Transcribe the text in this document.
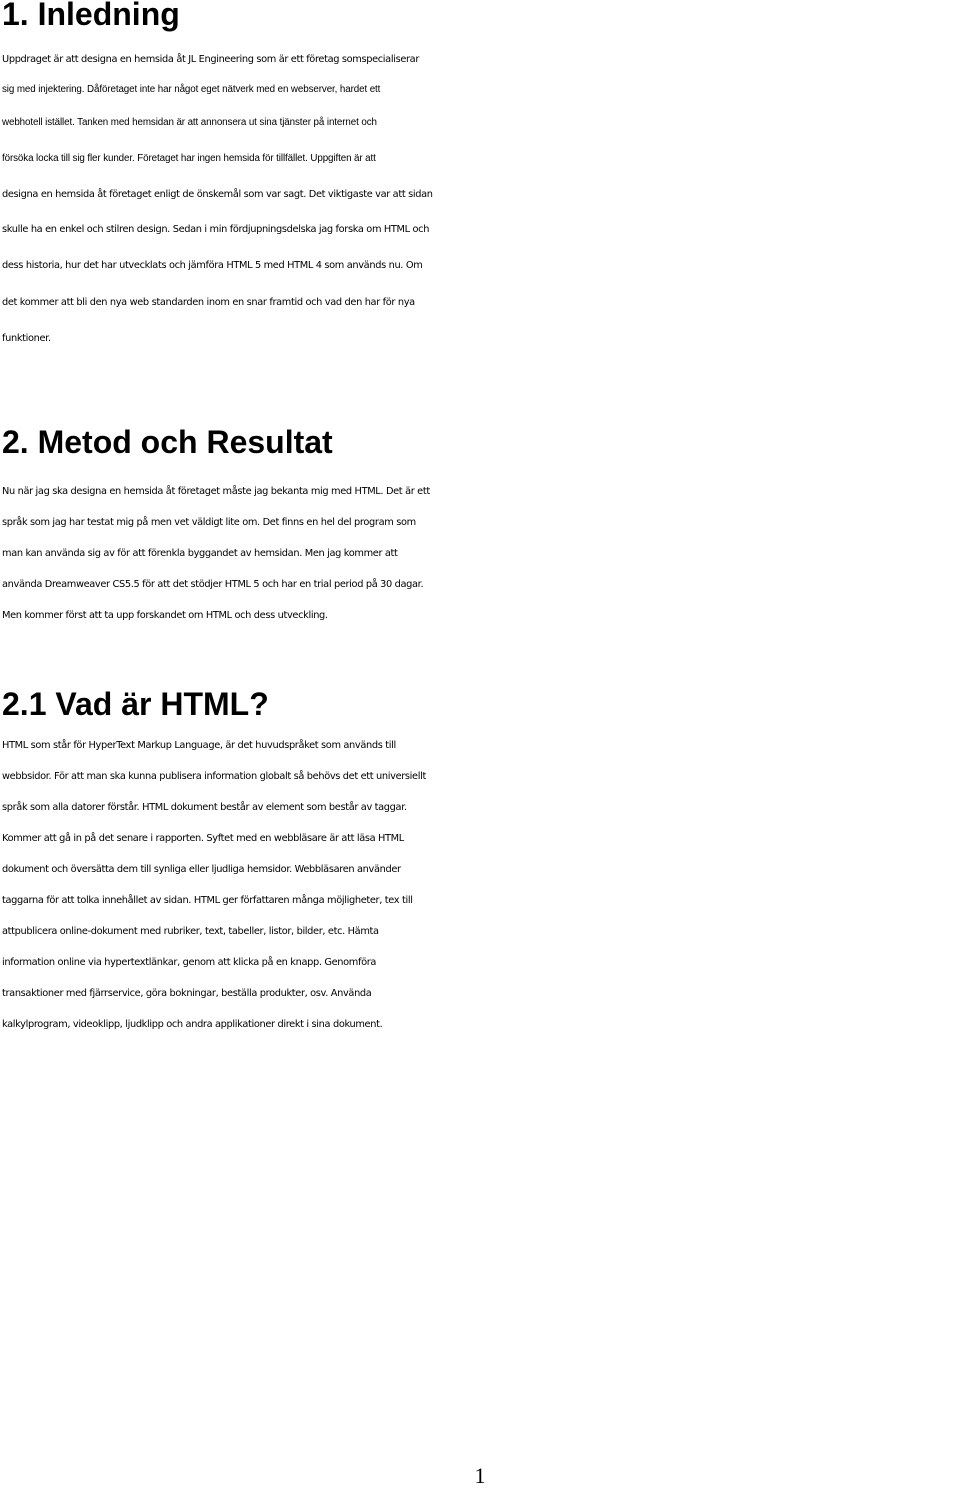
1. Inledning
Uppdraget är att designa en hemsida åt JL Engineering som är ett företag somspecialiserar
sig med injektering. Dåföretaget inte har något eget nätverk med en webserver, hardet ett
webhotell istället. Tanken med hemsidan är att annonsera ut sina tjänster på internet och
försöka locka till sig fler kunder. Företaget har ingen hemsida för tillfället. Uppgiften är att
designa en hemsida åt företaget enligt de önskemål som var sagt. Det viktigaste var att sidan
skulle ha en enkel och stilren design. Sedan i min fördjupningsdelska jag forska om HTML och
dess historia, hur det har utvecklats och jämföra HTML 5 med HTML 4 som används nu. Om
det kommer att bli den nya web standarden inom en snar framtid och vad den har för nya
funktioner.
2. Metod och Resultat
Nu när jag ska designa en hemsida åt företaget måste jag bekanta mig med HTML. Det är ett
språk som jag har testat mig på men vet väldigt lite om. Det finns en hel del program som
man kan använda sig av för att förenkla byggandet av hemsidan. Men jag kommer att
använda Dreamweaver CS5.5 för att det stödjer HTML 5 och har en trial period på 30 dagar.
Men kommer först att ta upp forskandet om HTML och dess utveckling.
2.1 Vad är HTML?
HTML som står för HyperText Markup Language, är det huvudspråket som används till
webbsidor. För att man ska kunna publisera information globalt så behövs det ett universiellt
språk som alla datorer förstår. HTML dokument består av element som består av taggar.
Kommer att gå in på det senare i rapporten. Syftet med en webbläsare är att läsa HTML
dokument och översätta dem till synliga eller ljudliga hemsidor. Webbläsaren använder
taggarna för att tolka innehållet av sidan. HTML ger författaren många möjligheter, tex till
attpublicera online-dokument med rubriker, text, tabeller, listor, bilder, etc. Hämta
information online via hypertextlänkar, genom att klicka på en knapp. Genomföra
transaktioner med fjärrservice, göra bokningar, beställa produkter, osv. Använda
kalkylprogram, videoklipp, ljudklipp och andra applikationer direkt i sina dokument.
1
